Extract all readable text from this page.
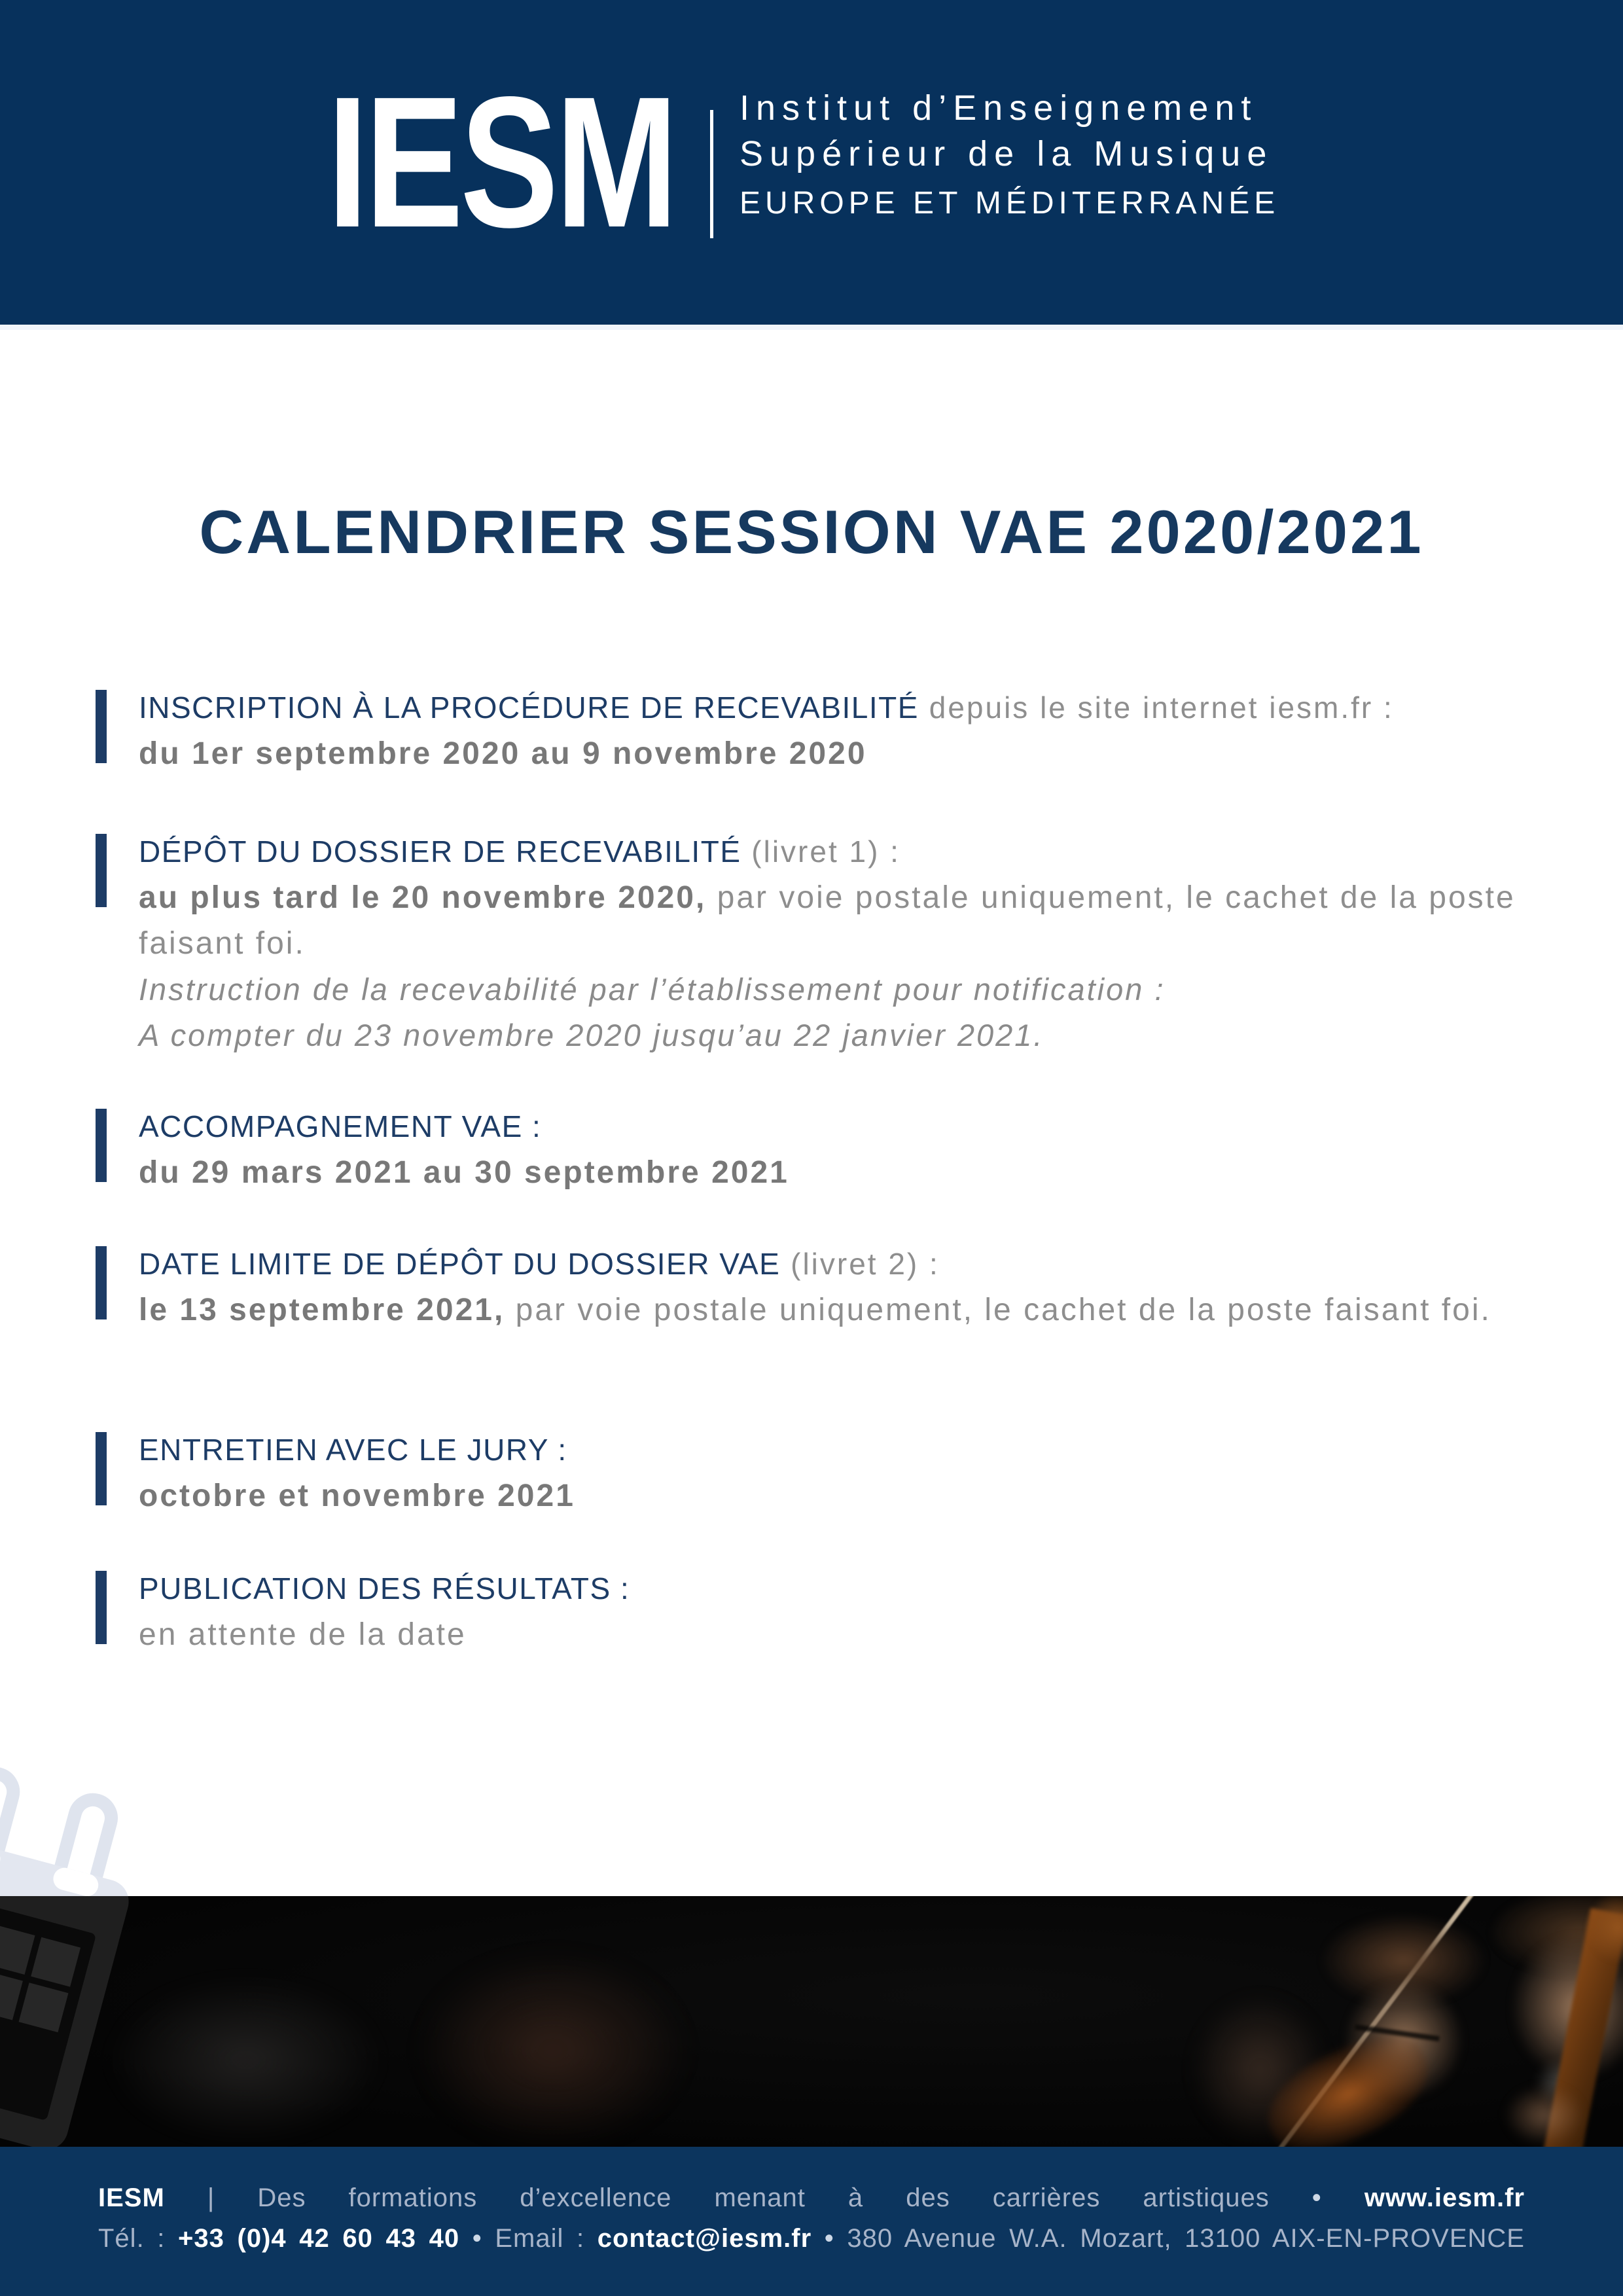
IESM Institut d’Enseignement
Supérieur de la Musique
EUROPE ET MÉDITERRANÉE
CALENDRIER SESSION VAE 2020/2021
INSCRIPTION À LA PROCÉDURE DE RECEVABILITÉ depuis le site internet iesm.fr :
du 1er septembre 2020 au 9 novembre 2020
DÉPÔT DU DOSSIER DE RECEVABILITÉ (livret 1) :
au plus tard le 20 novembre 2020, par voie postale uniquement, le cachet de la poste faisant foi.
Instruction de la recevabilité par l’établissement pour notification :
A compter du 23 novembre 2020 jusqu’au 22 janvier 2021.
ACCOMPAGNEMENT VAE :
du 29 mars 2021 au 30 septembre 2021
DATE LIMITE DE DÉPÔT DU DOSSIER VAE (livret 2) :
le 13 septembre 2021, par voie postale uniquement, le cachet de la poste faisant foi.
ENTRETIEN AVEC LE JURY :
octobre et novembre 2021
PUBLICATION DES RÉSULTATS :
en attente de la date
IESM | Des formations d’excellence menant à des carrières artistiques • www.iesm.fr
Tél. : +33 (0)4 42 60 43 40 • Email : contact@iesm.fr • 380 Avenue W.A. Mozart, 13100 AIX-EN-PROVENCE
